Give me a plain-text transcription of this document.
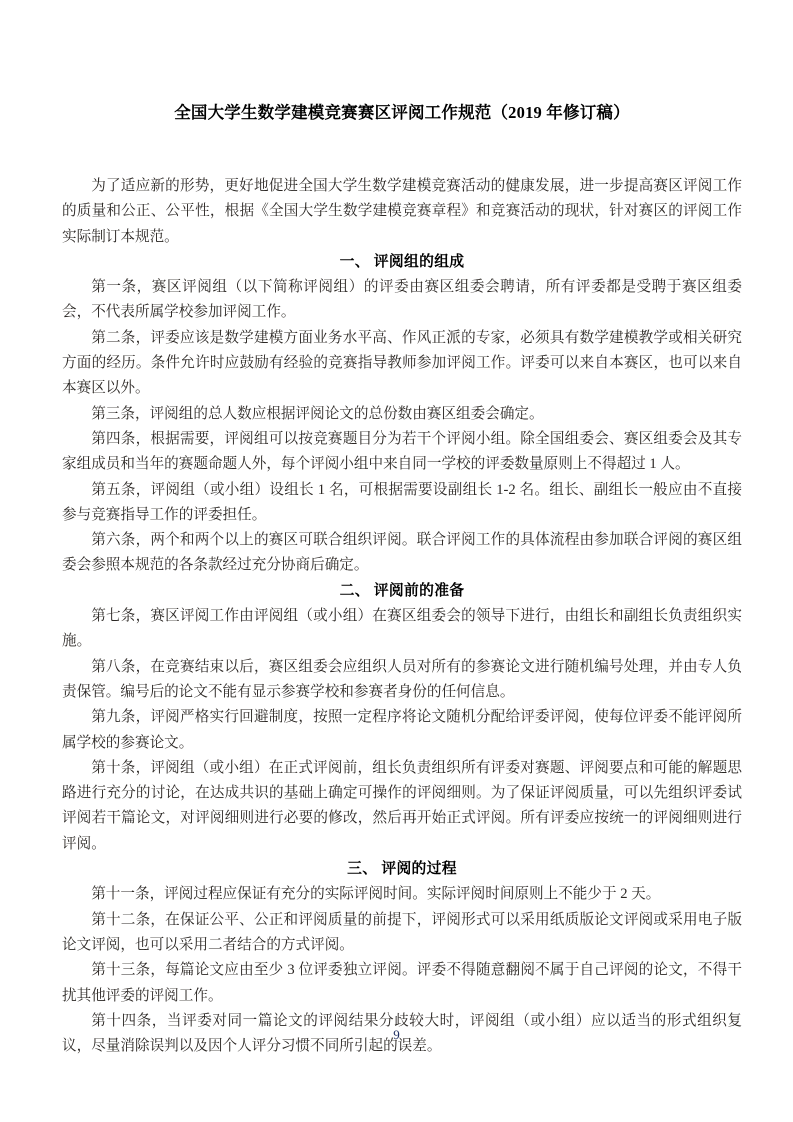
全国大学生数学建模竞赛赛区评阅工作规范（2019 年修订稿）

为了适应新的形势，更好地促进全国大学生数学建模竞赛活动的健康发展，进一步提高赛区评阅工作的质量和公正、公平性，根据《全国大学生数学建模竞赛章程》和竞赛活动的现状，针对赛区的评阅工作实际制订本规范。

一、 评阅组的组成

第一条，赛区评阅组（以下简称评阅组）的评委由赛区组委会聘请，所有评委都是受聘于赛区组委会，不代表所属学校参加评阅工作。

第二条，评委应该是数学建模方面业务水平高、作风正派的专家，必须具有数学建模教学或相关研究方面的经历。条件允许时应鼓励有经验的竞赛指导教师参加评阅工作。评委可以来自本赛区，也可以来自本赛区以外。

第三条，评阅组的总人数应根据评阅论文的总份数由赛区组委会确定。

第四条，根据需要，评阅组可以按竞赛题目分为若干个评阅小组。除全国组委会、赛区组委会及其专家组成员和当年的赛题命题人外，每个评阅小组中来自同一学校的评委数量原则上不得超过 1 人。

第五条，评阅组（或小组）设组长 1 名，可根据需要设副组长 1-2 名。组长、副组长一般应由不直接参与竞赛指导工作的评委担任。

第六条，两个和两个以上的赛区可联合组织评阅。联合评阅工作的具体流程由参加联合评阅的赛区组委会参照本规范的各条款经过充分协商后确定。

二、 评阅前的准备

第七条，赛区评阅工作由评阅组（或小组）在赛区组委会的领导下进行，由组长和副组长负责组织实施。

第八条，在竞赛结束以后，赛区组委会应组织人员对所有的参赛论文进行随机编号处理，并由专人负责保管。编号后的论文不能有显示参赛学校和参赛者身份的任何信息。

第九条，评阅严格实行回避制度，按照一定程序将论文随机分配给评委评阅，使每位评委不能评阅所属学校的参赛论文。

第十条，评阅组（或小组）在正式评阅前，组长负责组织所有评委对赛题、评阅要点和可能的解题思路进行充分的讨论，在达成共识的基础上确定可操作的评阅细则。为了保证评阅质量，可以先组织评委试评阅若干篇论文，对评阅细则进行必要的修改，然后再开始正式评阅。所有评委应按统一的评阅细则进行评阅。

三、 评阅的过程

第十一条，评阅过程应保证有充分的实际评阅时间。实际评阅时间原则上不能少于 2 天。

第十二条，在保证公平、公正和评阅质量的前提下，评阅形式可以采用纸质版论文评阅或采用电子版论文评阅，也可以采用二者结合的方式评阅。

第十三条，每篇论文应由至少 3 位评委独立评阅。评委不得随意翻阅不属于自己评阅的论文，不得干扰其他评委的评阅工作。

第十四条，当评委对同一篇论文的评阅结果分歧较大时，评阅组（或小组）应以适当的形式组织复议，尽量消除误判以及因个人评分习惯不同所引起的误差。

9
